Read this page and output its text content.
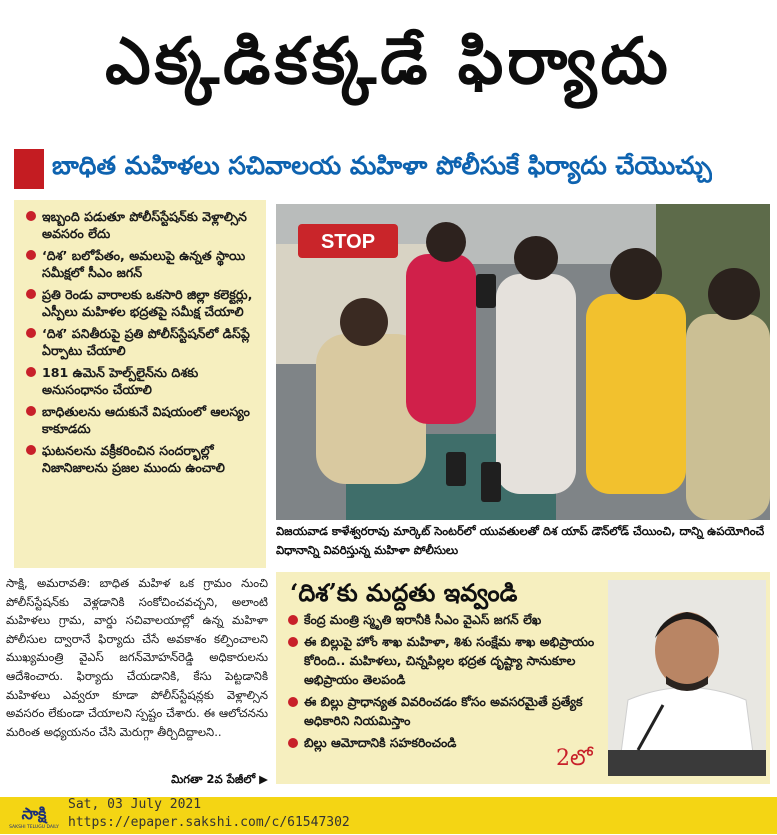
ఎక్కడికక్కడే ఫిర్యాదు
బాధిత మహిళలు సచివాలయ మహిళా పోలీసుకే ఫిర్యాదు చేయొచ్చు
ఇబ్బంది పడుతూ పోలీస్‌స్టేషన్‌కు వెళ్లాల్సిన అవసరం లేదు
‘దిశ’ బలోపేతం, అమలుపై ఉన్నత స్థాయి సమీక్షలో సీఎం జగన్
ప్రతి రెండు వారాలకు ఒకసారి జిల్లా కలెక్టర్లు, ఎస్పీలు మహిళల భద్రతపై సమీక్ష చేయాలి
‘దిశ’ పనితీరుపై ప్రతి పోలీస్‌స్టేషన్‌లో డిస్‌ప్లే ఏర్పాటు చేయాలి
181 ఉమెన్ హెల్ప్‌లైన్‌ను దిశకు అనుసంధానం చేయాలి
బాధితులను ఆదుకునే విషయంలో ఆలస్యం కాకూడదు
ఘటనలను వక్రీకరించిన సందర్భాల్లో నిజానిజాలను ప్రజల ముందు ఉంచాలి
STOP
విజయవాడ కాళేశ్వరరావు మార్కెట్ సెంటర్‌లో యువతులతో దిశ యాప్ డౌన్‌లోడ్ చేయించి, దాన్ని ఉపయోగించే విధానాన్ని వివరిస్తున్న మహిళా పోలీసులు
సాక్షి, అమరావతి: బాధిత మహిళ ఒక గ్రామం నుంచి పోలీస్‌స్టేషన్‌కు వెళ్లడానికి సంకోచించవచ్చని, అలాంటి మహిళలు గ్రామ, వార్డు సచివాలయాల్లో ఉన్న మహిళా పోలీసుల ద్వారానే ఫిర్యాదు చేసే అవకాశం కల్పించాలని ముఖ్యమంత్రి వైఎస్ జగన్‌మోహన్‌రెడ్డి అధికారులను ఆదేశించారు. ఫిర్యాదు చేయడానికి, కేసు పెట్టడానికి మహిళలు ఎవ్వరూ కూడా పోలీస్‌స్టేషన్లకు వెళ్లాల్సిన అవసరం లేకుండా చేయాలని స్పష్టం చేశారు. ఈ ఆలోచనను మరింత అధ్యయనం చేసి మెరుగ్గా తీర్చిదిద్దాలని..
మిగతా 2వ పేజీలో ▶
‘దిశ’కు మద్దతు ఇవ్వండి
కేంద్ర మంత్రి స్మృతి ఇరానీకి సీఎం వైఎస్ జగన్ లేఖ
ఈ బిల్లుపై హోం శాఖ మహిళా, శిశు సంక్షేమ శాఖ అభిప్రాయం కోరింది.. మహిళలు, చిన్నపిల్లల భద్రత దృష్ట్యా సానుకూల అభిప్రాయం తెలపండి
ఈ బిల్లు ప్రాధాన్యత వివరించడం కోసం అవసరమైతే ప్రత్యేక అధికారిని నియమిస్తాం
బిల్లు ఆమోదానికి సహకరించండి
2లో
సాక్షి
SAKSHI TELUGU DAILY
Sat, 03 July 2021
https://epaper.sakshi.com/c/61547302
